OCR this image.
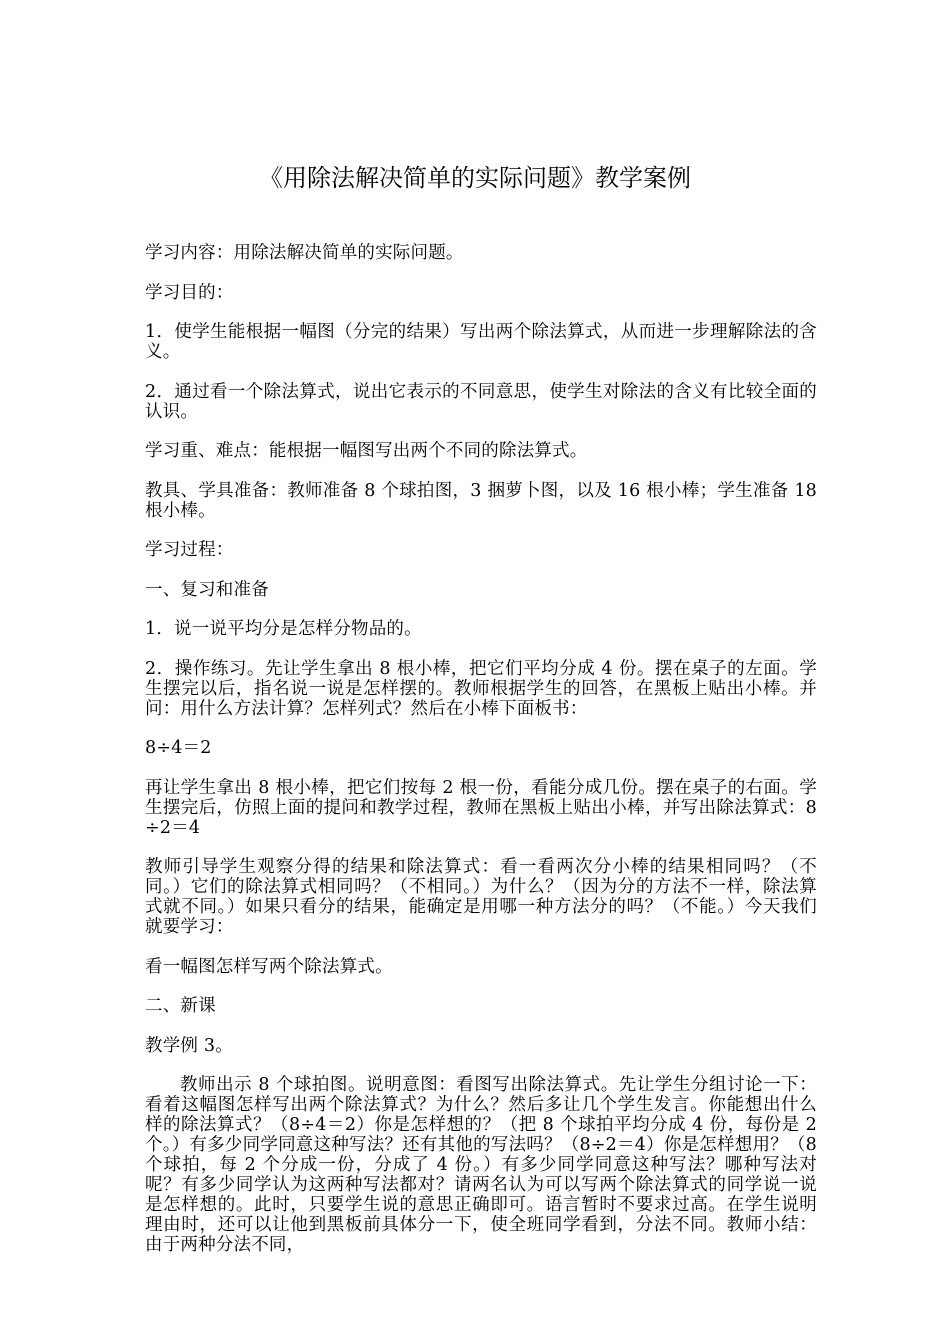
《用除法解决简单的实际问题》教学案例

学习内容：用除法解决简单的实际问题。

学习目的：

1．使学生能根据一幅图（分完的结果）写出两个除法算式，从而进一步理解除法的含义。

2．通过看一个除法算式，说出它表示的不同意思，使学生对除法的含义有比较全面的认识。

学习重、难点：能根据一幅图写出两个不同的除法算式。

教具、学具准备：教师准备 8 个球拍图，3 捆萝卜图，以及 16 根小棒；学生准备 18 根小棒。

学习过程：

一、复习和准备

1．说一说平均分是怎样分物品的。

2．操作练习。先让学生拿出 8 根小棒，把它们平均分成 4 份。摆在桌子的左面。学生摆完以后，指名说一说是怎样摆的。教师根据学生的回答，在黑板上贴出小棒。并问：用什么方法计算？怎样列式？然后在小棒下面板书：

8÷4＝2

再让学生拿出 8 根小棒，把它们按每 2 根一份，看能分成几份。摆在桌子的右面。学生摆完后，仿照上面的提问和教学过程，教师在黑板上贴出小棒，并写出除法算式：8÷2＝4

教师引导学生观察分得的结果和除法算式：看一看两次分小棒的结果相同吗？（不同。）它们的除法算式相同吗？（不相同。）为什么？（因为分的方法不一样，除法算式就不同。）如果只看分的结果，能确定是用哪一种方法分的吗？（不能。）今天我们就要学习：

看一幅图怎样写两个除法算式。

二、新课

教学例 3。

教师出示 8 个球拍图。说明意图：看图写出除法算式。先让学生分组讨论一下：看着这幅图怎样写出两个除法算式？为什么？然后多让几个学生发言。你能想出什么样的除法算式？（8÷4＝2）你是怎样想的？（把 8 个球拍平均分成 4 份，每份是 2 个。）有多少同学同意这种写法？还有其他的写法吗？（8÷2＝4）你是怎样想用？（8 个球拍，每 2 个分成一份，分成了 4 份。）有多少同学同意这种写法？哪种写法对呢？有多少同学认为这两种写法都对？请两名认为可以写两个除法算式的同学说一说是怎样想的。此时，只要学生说的意思正确即可。语言暂时不要求过高。在学生说明理由时，还可以让他到黑板前具体分一下，使全班同学看到，分法不同。教师小结：由于两种分法不同，
